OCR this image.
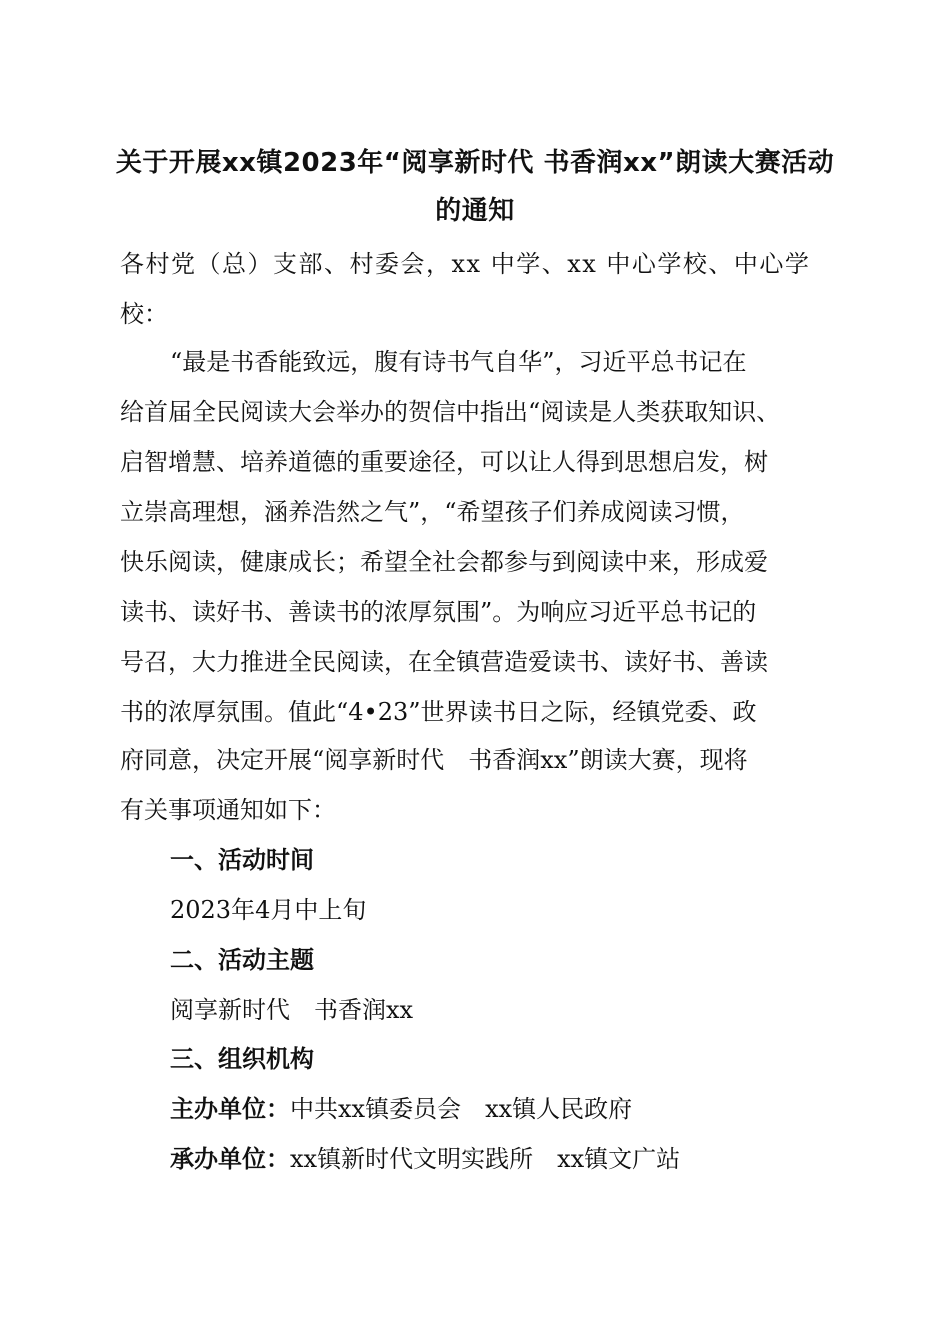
关于开展xx镇2023年“阅享新时代 书香润xx”朗读大赛活动
的通知
各村党（总）支部、村委会，xx 中学、xx 中心学校、中心学
校：
“最是书香能致远，腹有诗书气自华”，习近平总书记在
给首届全民阅读大会举办的贺信中指出“阅读是人类获取知识、
启智增慧、培养道德的重要途径，可以让人得到思想启发，树
立崇高理想，涵养浩然之气”，“希望孩子们养成阅读习惯，
快乐阅读，健康成长；希望全社会都参与到阅读中来，形成爱
读书、读好书、善读书的浓厚氛围”。为响应习近平总书记的
号召，大力推进全民阅读，在全镇营造爱读书、读好书、善读
书的浓厚氛围。值此“4•23”世界读书日之际，经镇党委、政
府同意，决定开展“阅享新时代　书香润xx”朗读大赛，现将
有关事项通知如下：
一、活动时间
2023年4月中上旬
二、活动主题
阅享新时代　书香润xx
三、组织机构
主办单位：中共xx镇委员会　xx镇人民政府
承办单位：xx镇新时代文明实践所　xx镇文广站
